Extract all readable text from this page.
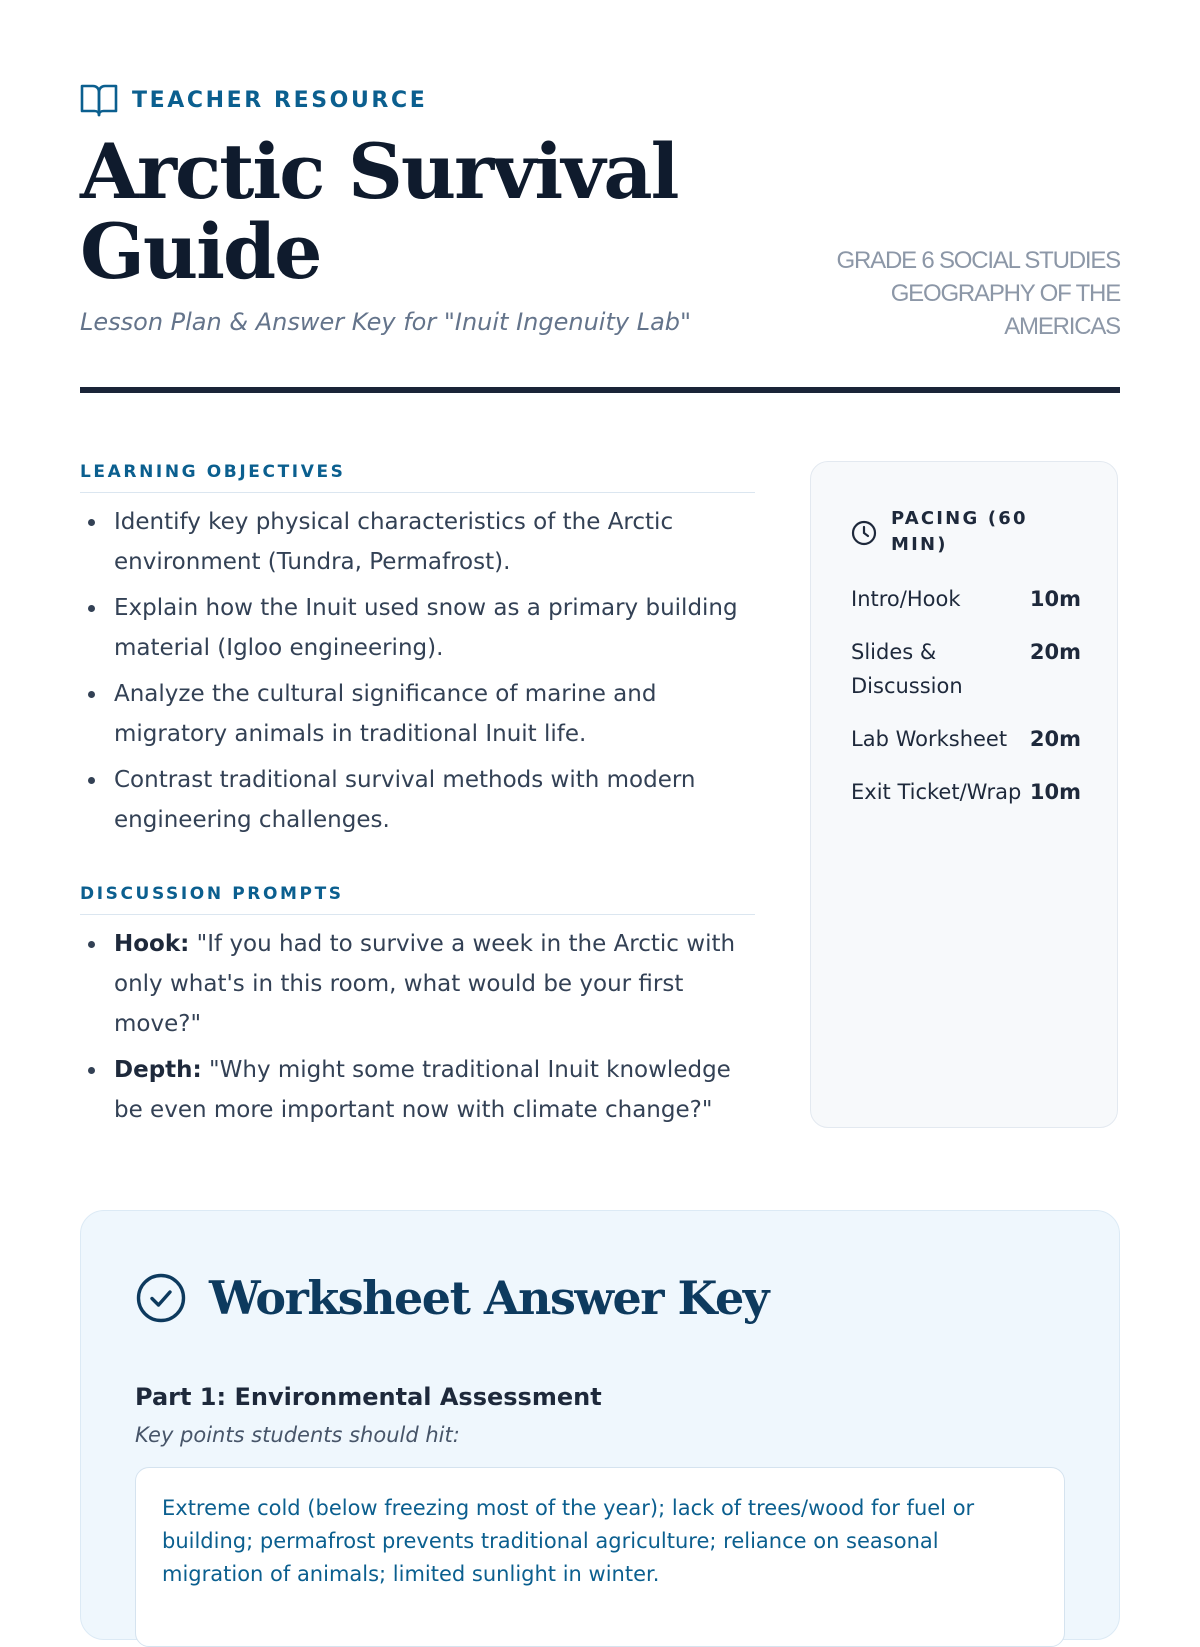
TEACHER RESOURCE
Arctic Survival Guide
Lesson Plan & Answer Key for "Inuit Ingenuity Lab"
GRADE 6 SOCIAL STUDIES GEOGRAPHY OF THE AMERICAS
LEARNING OBJECTIVES
Identify key physical characteristics of the Arctic environment (Tundra, Permafrost).
Explain how the Inuit used snow as a primary building material (Igloo engineering).
Analyze the cultural significance of marine and migratory animals in traditional Inuit life.
Contrast traditional survival methods with modern engineering challenges.
DISCUSSION PROMPTS
Hook: "If you had to survive a week in the Arctic with only what's in this room, what would be your first move?"
Depth: "Why might some traditional Inuit knowledge be even more important now with climate change?"
PACING (60 MIN)
Intro/Hook	10m
Slides & Discussion
20m
Lab Worksheet	20m
Exit Ticket/Wrap 10m
Worksheet Answer Key
Part 1: Environmental Assessment
Key points students should hit:
Extreme cold (below freezing most of the year); lack of trees/wood for fuel or building; permafrost prevents traditional agriculture; reliance on seasonal migration of animals; limited sunlight in winter.
